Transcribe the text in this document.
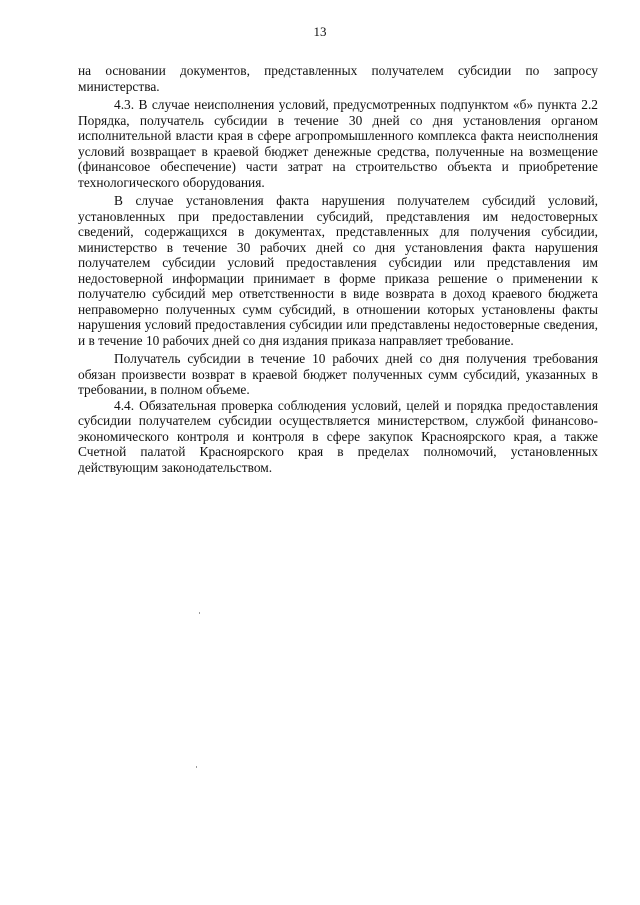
13

на основании документов, представленных получателем субсидии по запросу министерства.

4.3. В случае неисполнения условий, предусмотренных подпунктом «б» пункта 2.2 Порядка, получатель субсидии в течение 30 дней со дня установления органом исполнительной власти края в сфере агропромышленного комплекса факта неисполнения условий возвращает в краевой бюджет денежные средства, полученные на возмещение (финансовое обеспечение) части затрат на строительство объекта и приобретение технологического оборудования.

В случае установления факта нарушения получателем субсидий условий, установленных при предоставлении субсидий, представления им недостоверных сведений, содержащихся в документах, представленных для получения субсидии, министерство в течение 30 рабочих дней со дня установления факта нарушения получателем субсидии условий предоставления субсидии или представления им недостоверной информации принимает в форме приказа решение о применении к получателю субсидий мер ответственности в виде возврата в доход краевого бюджета неправомерно полученных сумм субсидий, в отношении которых установлены факты нарушения условий предоставления субсидии или представлены недостоверные сведения, и в течение 10 рабочих дней со дня издания приказа направляет требование.

Получатель субсидии в течение 10 рабочих дней со дня получения требования обязан произвести возврат в краевой бюджет полученных сумм субсидий, указанных в требовании, в полном объеме.

4.4. Обязательная проверка соблюдения условий, целей и порядка предоставления субсидии получателем субсидии осуществляется министерством, службой финансово-экономического контроля и контроля в сфере закупок Красноярского края, а также Счетной палатой Красноярского края в пределах полномочий, установленных действующим законодательством.
